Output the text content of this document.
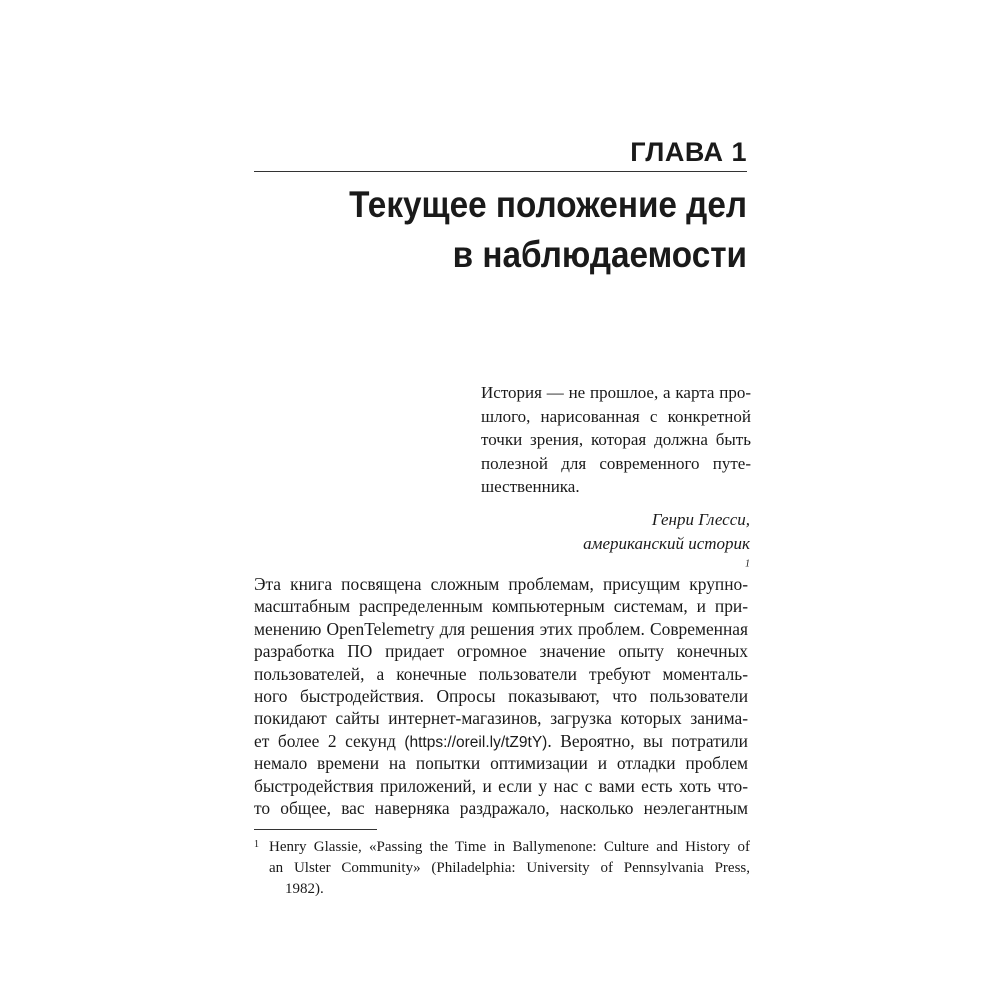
ГЛАВА 1
Текущее положение дел
в наблюдаемости
История — не прошлое, а карта про-
шлого, нарисованная с конкретной
точки зрения, которая должна быть
полезной для современного путе-
шественника.
Генри Глесси,
американский историк
$^1$
Эта книга посвящена сложным проблемам, присущим крупно-
масштабным распределенным компьютерным системам, и при-
менению OpenTelemetry для решения этих проблем. Современная
разработка ПО придает огромное значение опыту конечных
пользователей, а конечные пользователи требуют моменталь-
ного быстродействия. Опросы показывают, что пользователи
покидают сайты интернет-магазинов, загрузка которых занима-
ет более 2 секунд (https://oreil.ly/tZ9tY). Вероятно, вы потратили
немало времени на попытки оптимизации и отладки проблем
быстродействия приложений, и если у нас с вами есть хоть что-
то общее, вас наверняка раздражало, насколько неэлегантным
1 Henry Glassie, «Passing the Time in Ballymenone: Culture and History of
an Ulster Community» (Philadelphia: University of Pennsylvania Press,
1982).
